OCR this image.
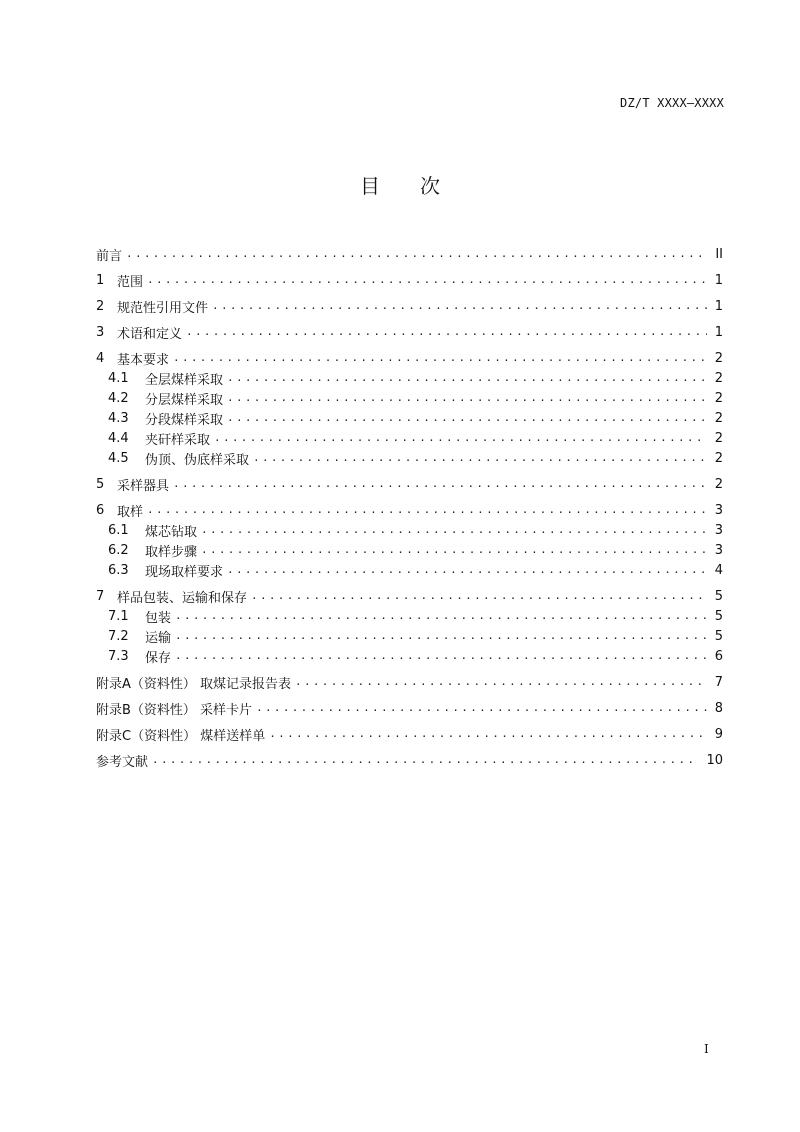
DZ/T XXXX—XXXX
目次
前言 .....	II
1 范围 .....	1
2 规范性引用文件 .....	1
3 术语和定义 .....	1
4 基本要求 .....	2
4.1	全层煤样采取 .....	2
4.2	分层煤样采取 .....	2
4.3	分段煤样采取 .....	2
4.4	夹矸样采取 .....	2
4.5	伪顶、伪底样采取 .....	2
5 采样器具 .....	2
6 取样 .....	3
6.1	煤芯钻取 .....	3
6.2	取样步骤 .....	3
6.3	现场取样要求 .....	4
7 样品包装、运输和保存 .....	5
7.1	包装 .....	5
7.2	运输 .....	5
7.3	保存 .....	6
附录A（资料性） 取煤记录报告表 .....	7
附录B（资料性） 采样卡片 .....	8
附录C（资料性） 煤样送样单 .....	9
参考文献 .....	10
I
